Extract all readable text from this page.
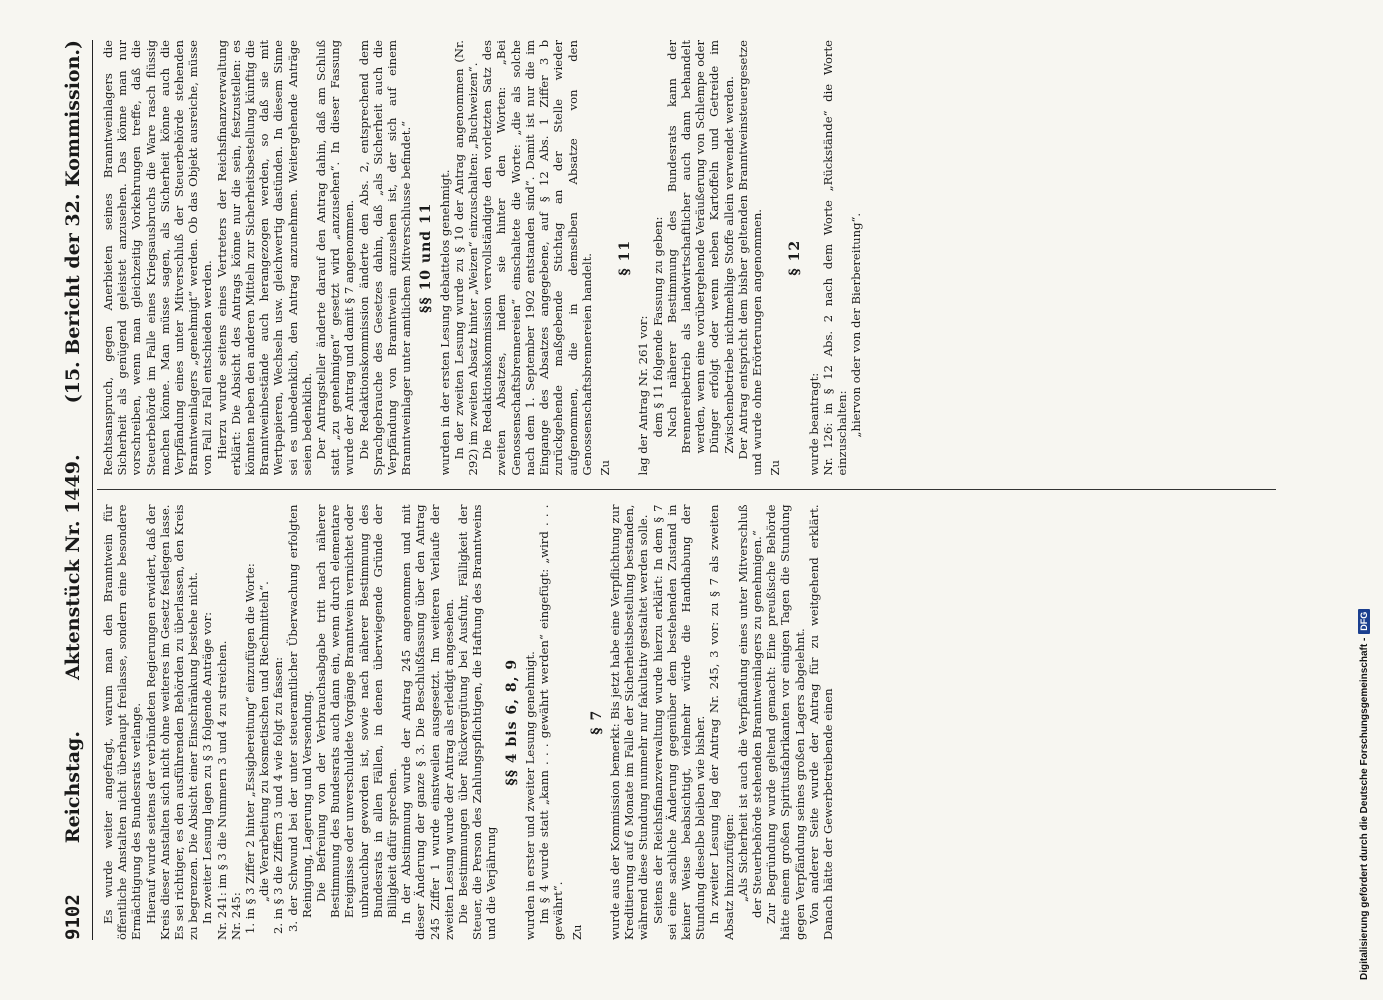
9102
Reichstag.
Aktenstück Nr. 1449.
(15. Bericht der 32. Kommission.)

Es wurde weiter angefragt, warum man den Branntwein für öffentliche Anstalten nicht überhaupt freilasse, sondern eine besondere Ermächtigung des Bundesrats verlange. Hierauf wurde seitens der verbündeten Regierungen erwidert, daß der Kreis dieser Anstalten sich nicht ohne weiteres im Gesetz festlegen lasse. Es sei richtiger, es den ausführenden Behörden zu überlassen, den Kreis zu begrenzen. Die Absicht einer Einschränkung bestehe nicht. In zweiter Lesung lagen zu § 3 folgende Anträge vor: Nr. 241: im § 3 die Nummern 3 und 4 zu streichen. Nr. 245: 1. in § 3 Ziffer 2 hinter „Essigbereitung“ einzufügen die Worte: „die Verarbeitung zu kosmetischen und Riechmitteln“. 2. in § 3 die Ziffern 3 und 4 wie folgt zu fassen: 3. der Schwund bei der unter steueramtlicher Überwachung erfolgten Reinigung, Lagerung und Versendung. Die Befreiung von der Verbrauchsabgabe tritt nach näherer Bestimmung des Bundesrats auch dann ein, wenn durch elementare Ereignisse oder unverschuldete Vorgänge Branntwein vernichtet oder unbrauchbar geworden ist, sowie nach näherer Bestimmung des Bundesrats in allen Fällen, in denen überwiegende Gründe der Billigkeit dafür sprechen. In der Abstimmung wurde der Antrag 245 angenommen und mit dieser Änderung der ganze § 3. Die Beschlußfassung über den Antrag 245 Ziffer 1 wurde einstweilen ausgesetzt. Im weiteren Verlaufe der zweiten Lesung wurde der Antrag als erledigt angesehen. Die Bestimmungen über Rückvergütung bei Ausfuhr, Fälligkeit der Steuer, die Person des Zahlungspflichtigen, die Haftung des Branntweins und die Verjährung

§§ 4 bis 6, 8, 9 wurden in erster und zweiter Lesung genehmigt. Im § 4 wurde statt „kann . . . gewährt werden“ eingefügt: „wird . . . gewährt“. Zu

§ 7 wurde aus der Kommission bemerkt: Bis jetzt habe eine Verpflichtung zur Kreditierung auf 6 Monate im Falle der Sicherheitsbestellung bestanden, während diese Stundung nunmehr nur fakultativ gestaltet werden solle. Seitens der Reichsfinanzverwaltung wurde hierzu erklärt: In dem § 7 sei eine sachliche Änderung gegenüber dem bestehenden Zustand in keiner Weise beabsichtigt, vielmehr würde die Handhabung der Stundung dieselbe bleiben wie bisher. In zweiter Lesung lag der Antrag Nr. 245, 3 vor: zu § 7 als zweiten Absatz hinzuzufügen: „Als Sicherheit ist auch die Verpfändung eines unter Mitverschluß der Steuerbehörde stehenden Branntweinlagers zu genehmigen.“ Zur Begründung wurde geltend gemacht: Eine preußische Behörde hätte einem großen Spiritusfabrikanten vor einigen Tagen die Stundung gegen Verpfändung seines großen Lagers abgelehnt. Von anderer Seite wurde der Antrag für zu weitgehend erklärt. Danach hätte der Gewerbetreibende einen

Rechtsanspruch, gegen Anerbieten seines Branntweinlagers die Sicherheit als genügend geleistet anzusehen. Das könne man nur vorschreiben, wenn man gleichzeitig Vorkehrungen treffe, daß die Steuerbehörde im Falle eines Kriegsausbruchs die Ware rasch flüssig machen könne. Man müsse sagen, als Sicherheit könne auch die Verpfändung eines unter Mitverschluß der Steuerbehörde stehenden Branntweinlagers „genehmigt“ werden. Ob das Objekt ausreiche, müsse von Fall zu Fall entschieden werden. Hierzu wurde seitens eines Vertreters der Reichsfinanzverwaltung erklärt: Die Absicht des Antrags könne nur die sein, festzustellen: es könnten neben den anderen Mitteln zur Sicherheitsbestellung künftig die Branntweinbestände auch herangezogen werden, so daß sie mit Wertpapieren, Wechseln usw. gleichwertig dastünden. In diesem Sinne sei es unbedenklich, den Antrag anzunehmen. Weitergehende Anträge seien bedenklich. Der Antragsteller änderte darauf den Antrag dahin, daß am Schluß statt „zu genehmigen“ gesetzt wird „anzusehen“. In dieser Fassung wurde der Antrag und damit § 7 angenommen. Die Redaktionskommission änderte den Abs. 2, entsprechend dem Sprachgebrauche des Gesetzes dahin, daß „als Sicherheit auch die Verpfändung von Branntwein anzusehen ist, der sich auf einem Branntweinlager unter amtlichem Mitverschlusse befindet.“ §§ 10 und 11 wurden in der ersten Lesung debattelos genehmigt. In der zweiten Lesung wurde zu § 10 der Antrag angenommen (Nr. 292) im zweiten Absatz hinter „Weizen“ einzuschalten: „Buchweizen“. Die Redaktionskommission vervollständigte den vorletzten Satz des zweiten Absatzes, indem sie hinter den Worten: „Bei Genossenschaftsbrennereien“ einschaltete die Worte: „die als solche nach dem 1. September 1902 entstanden sind“. Damit ist nur die im Eingange des Absatzes angegebene, auf § 12 Abs. 1 Ziffer 3 b zurückgehende maßgebende Stichtag an der Stelle wieder aufgenommen, die in demselben Absatze von den Genossenschaftsbrennereien handelt. Zu

§ 11

lag der Antrag Nr. 261 vor: dem § 11 folgende Fassung zu geben: Nach näherer Bestimmung des Bundesrats kann der Brennereibetrieb als landwirtschaftlicher auch dann behandelt werden, wenn eine vorübergehende Veräußerung von Schlempe oder Dünger erfolgt oder wenn neben Kartoffeln und Getreide im Zwischenbetriebe nichtmehlige Stoffe allein verwendet werden. Der Antrag entspricht dem bisher geltenden Branntweinsteuergesetze und wurde ohne Erörterungen angenommen. Zu

§ 12

wurde beantragt: Nr. 126: in § 12 Abs. 2 nach dem Worte „Rückstände“ die Worte einzuschalten: „hiervon oder von der Bierbereitung“.

Digitalisierung gefördert durch die Deutsche Forschungsgemeinschaft -
DFG
